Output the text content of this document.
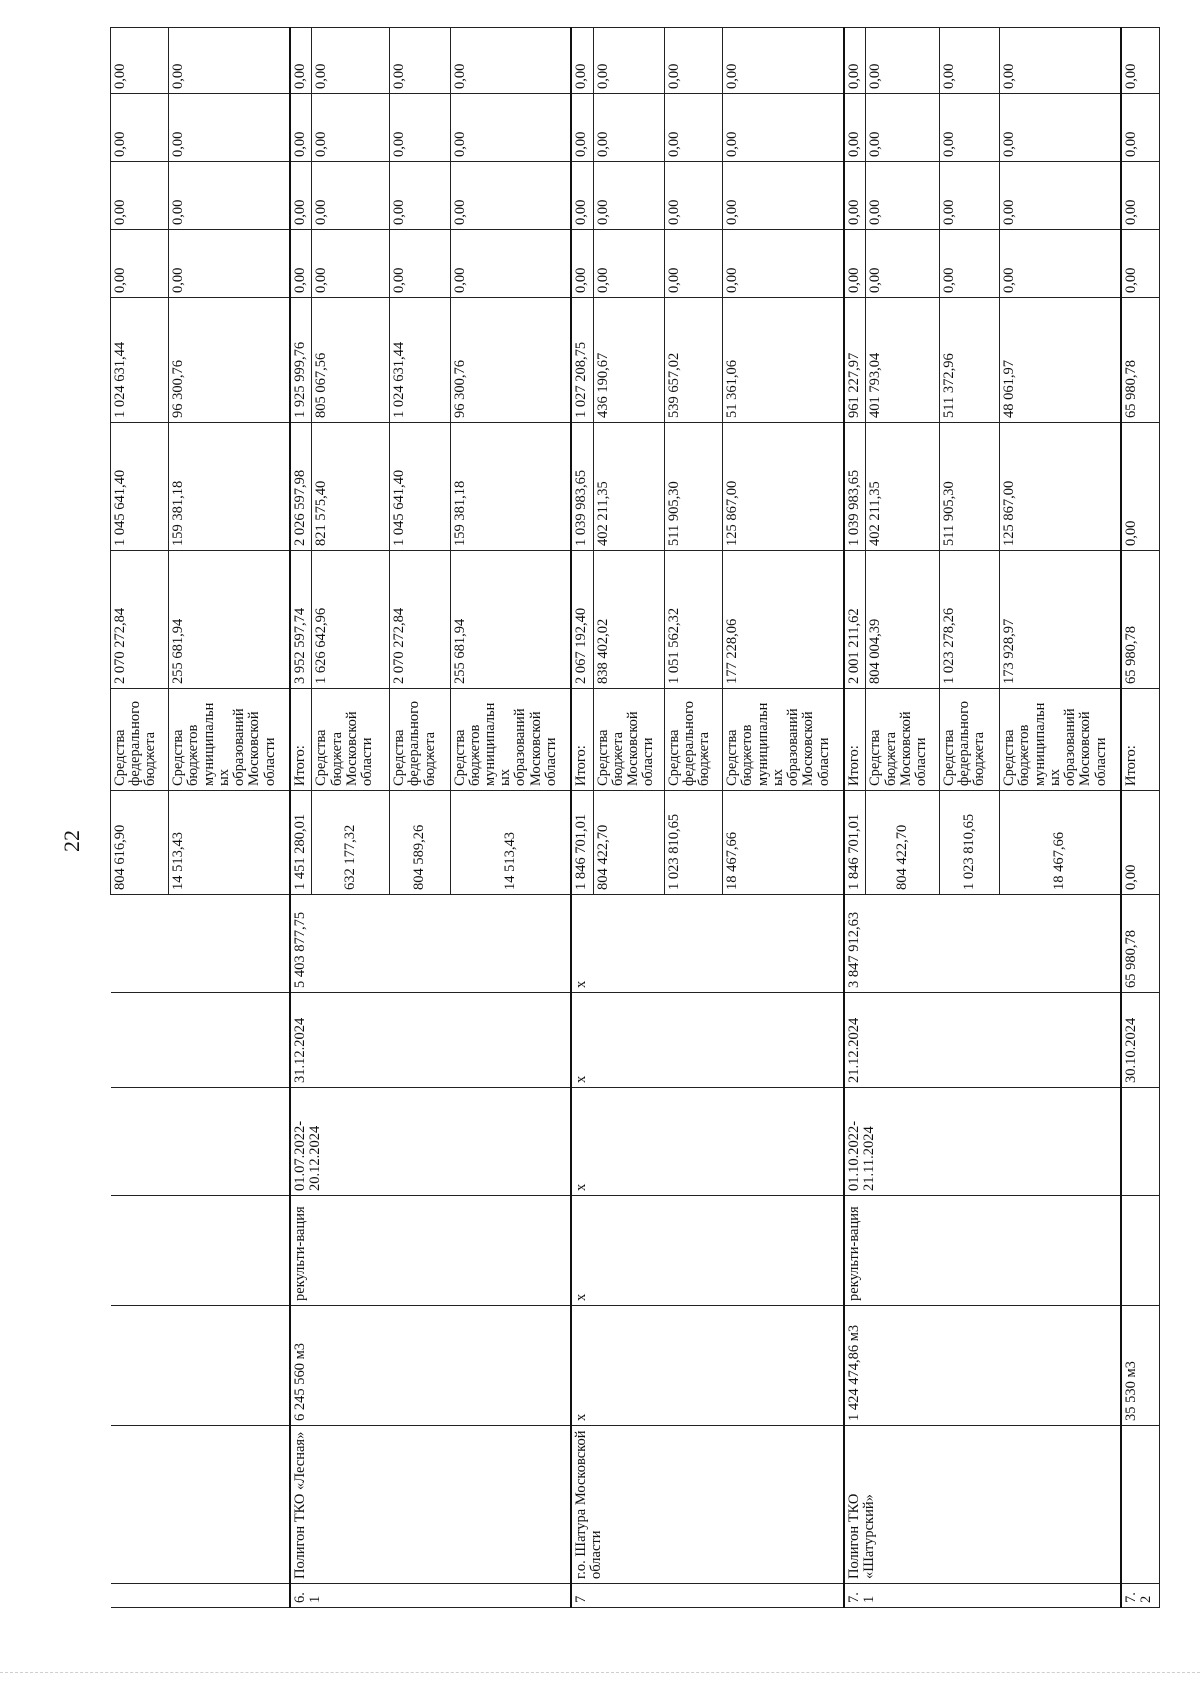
22
							804 616,90	Средства федерального бюджета	2 070 272,84	1 045 641,40	1 024 631,44	0,00	0,00	0,00	0,00
							14 513,43	Средства бюджетов муниципальных образований Московской области	255 681,94	159 381,18	96 300,76	0,00	0,00	0,00	0,00
6.1	Полигон ТКО «Лесная»	6 245 560 м3	рекульти-вация	01.07.2022-20.12.2024	31.12.2024	5 403 877,75	1 451 280,01	Итого:	3 952 597,74	2 026 597,98	1 925 999,76	0,00	0,00	0,00	0,00
							632 177,32	Средства бюджета Московской области	1 626 642,96	821 575,40	805 067,56	0,00	0,00	0,00	0,00
							804 589,26	Средства федерального бюджета	2 070 272,84	1 045 641,40	1 024 631,44	0,00	0,00	0,00	0,00
							14 513,43	Средства бюджетов муниципальных образований Московской области	255 681,94	159 381,18	96 300,76	0,00	0,00	0,00	0,00
7	г.о. Шатура Московской области	х	х	х	х	х	1 846 701,01	Итого:	2 067 192,40	1 039 983,65	1 027 208,75	0,00	0,00	0,00	0,00
							804 422,70	Средства бюджета Московской области	838 402,02	402 211,35	436 190,67	0,00	0,00	0,00	0,00
							1 023 810,65	Средства федерального бюджета	1 051 562,32	511 905,30	539 657,02	0,00	0,00	0,00	0,00
							18 467,66	Средства бюджетов муниципальных образований Московской области	177 228,06	125 867,00	51 361,06	0,00	0,00	0,00	0,00
7.1	Полигон ТКО «Шатурский»	1 424 474,86 м3	рекульти-вация	01.10.2022-21.11.2024	21.12.2024	3 847 912,63	1 846 701,01	Итого:	2 001 211,62	1 039 983,65	961 227,97	0,00	0,00	0,00	0,00
							804 422,70	Средства бюджета Московской области	804 004,39	402 211,35	401 793,04	0,00	0,00	0,00	0,00
							1 023 810,65	Средства федерального бюджета	1 023 278,26	511 905,30	511 372,96	0,00	0,00	0,00	0,00
							18 467,66	Средства бюджетов муниципальных образований Московской области	173 928,97	125 867,00	48 061,97	0,00	0,00	0,00	0,00
7.2		35 530 м3			30.10.2024	65 980,78	0,00	Итого:	65 980,78	0,00	65 980,78	0,00	0,00	0,00	0,00
